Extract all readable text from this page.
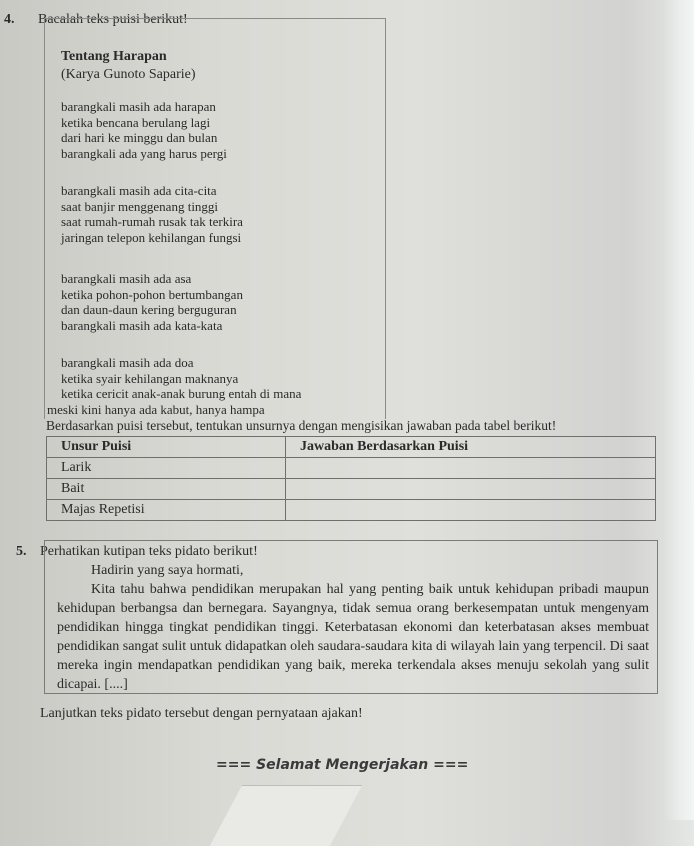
4. Bacalah teks puisi berikut!
Tentang Harapan
(Karya Gunoto Saparie)
barangkali masih ada harapan
ketika bencana berulang lagi
dari hari ke minggu dan bulan
barangkali ada yang harus pergi
barangkali masih ada cita-cita
saat banjir menggenang tinggi
saat rumah-rumah rusak tak terkira
jaringan telepon kehilangan fungsi
barangkali masih ada asa
ketika pohon-pohon bertumbangan
dan daun-daun kering berguguran
barangkali masih ada kata-kata
barangkali masih ada doa
ketika syair kehilangan maknanya
ketika cericit anak-anak burung entah di mana
meski kini hanya ada kabut, hanya hampa
Berdasarkan puisi tersebut, tentukan unsurnya dengan mengisikan jawaban pada tabel berikut!
Unsur Puisi	Jawaban Berdasarkan Puisi
Larik	
Bait	
Majas Repetisi	
5. Perhatikan kutipan teks pidato berikut!
Hadirin yang saya hormati,
Kita tahu bahwa pendidikan merupakan hal yang penting baik untuk kehidupan pribadi maupun kehidupan berbangsa dan bernegara. Sayangnya, tidak semua orang berkesempatan untuk mengenyam pendidikan hingga tingkat pendidikan tinggi. Keterbatasan ekonomi dan keterbatasan akses membuat pendidikan sangat sulit untuk didapatkan oleh saudara-saudara kita di wilayah lain yang terpencil. Di saat mereka ingin mendapatkan pendidikan yang baik, mereka terkendala akses menuju sekolah yang sulit dicapai. [....]
Lanjutkan teks pidato tersebut dengan pernyataan ajakan!
=== Selamat Mengerjakan ===
